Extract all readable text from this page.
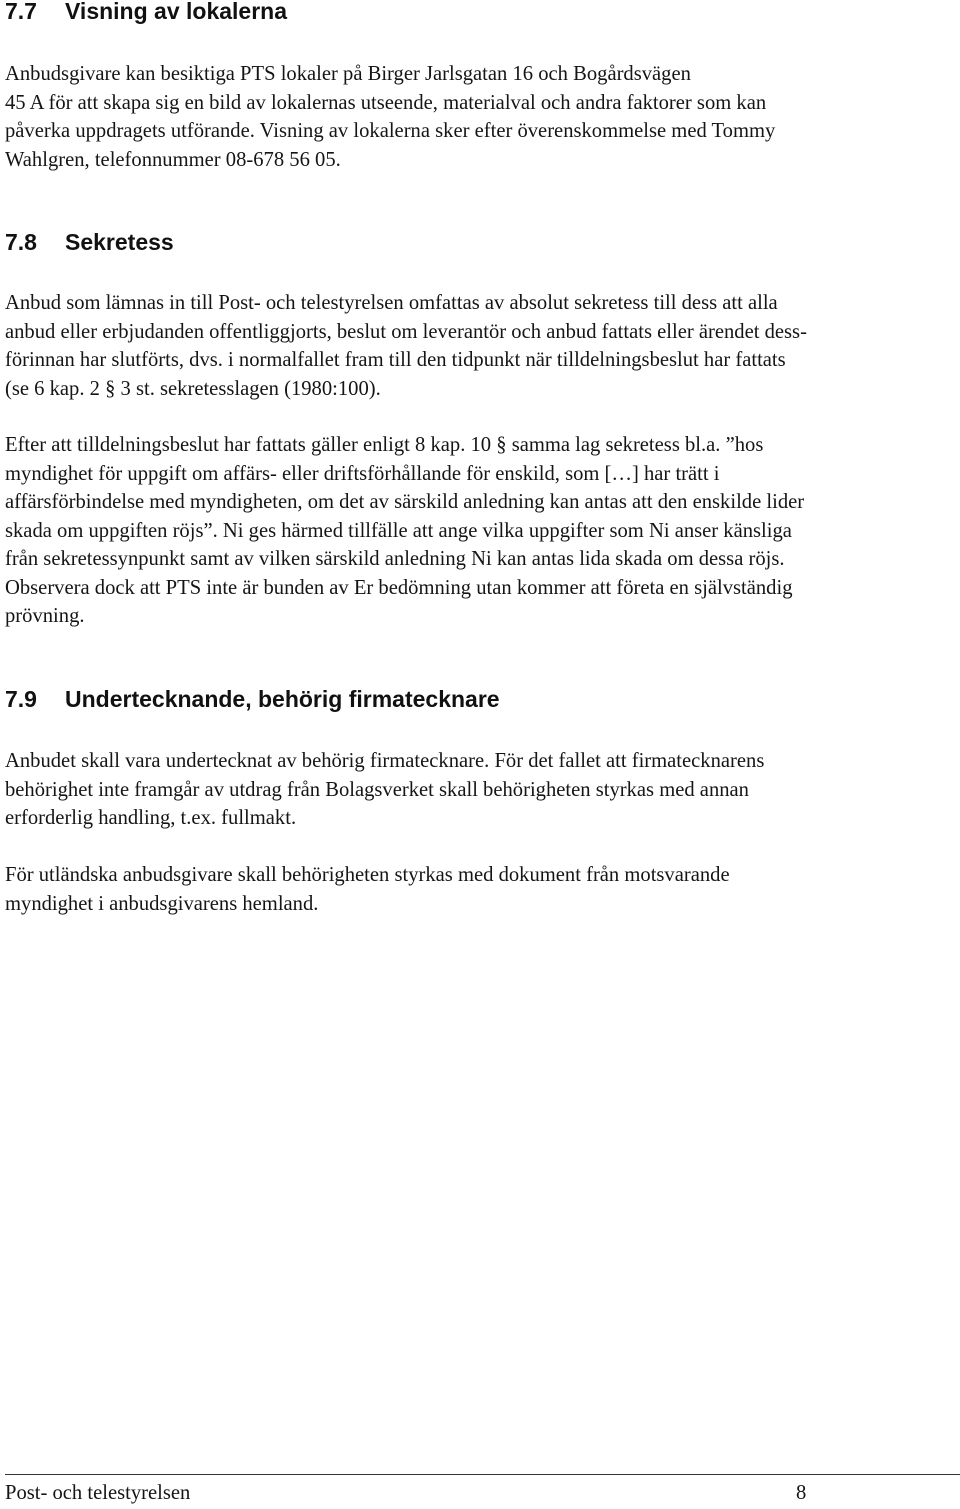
7.7 Visning av lokalerna
Anbudsgivare kan besiktiga PTS lokaler på Birger Jarlsgatan 16 och Bogårdsvägen
45 A för att skapa sig en bild av lokalernas utseende, materialval och andra faktorer som kan
påverka uppdragets utförande. Visning av lokalerna sker efter överenskommelse med Tommy
Wahlgren, telefonnummer 08-678 56 05.
7.8 Sekretess
Anbud som lämnas in till Post- och telestyrelsen omfattas av absolut sekretess till dess att alla
anbud eller erbjudanden offentliggjorts, beslut om leverantör och anbud fattats eller ärendet dess-
förinnan har slutförts, dvs. i normalfallet fram till den tidpunkt när tilldelningsbeslut har fattats
(se 6 kap. 2 § 3 st. sekretesslagen (1980:100).
Efter att tilldelningsbeslut har fattats gäller enligt 8 kap. 10 § samma lag sekretess bl.a. ”hos
myndighet för uppgift om affärs- eller driftsförhållande för enskild, som […] har trätt i
affärsförbindelse med myndigheten, om det av särskild anledning kan antas att den enskilde lider
skada om uppgiften röjs”. Ni ges härmed tillfälle att ange vilka uppgifter som Ni anser känsliga
från sekretessynpunkt samt av vilken särskild anledning Ni kan antas lida skada om dessa röjs.
Observera dock att PTS inte är bunden av Er bedömning utan kommer att företa en självständig
prövning.
7.9 Undertecknande, behörig firmatecknare
Anbudet skall vara undertecknat av behörig firmatecknare. För det fallet att firmatecknarens
behörighet inte framgår av utdrag från Bolagsverket skall behörigheten styrkas med annan
erforderlig handling, t.ex. fullmakt.
För utländska anbudsgivare skall behörigheten styrkas med dokument från motsvarande
myndighet i anbudsgivarens hemland.
Post- och telestyrelsen	8
